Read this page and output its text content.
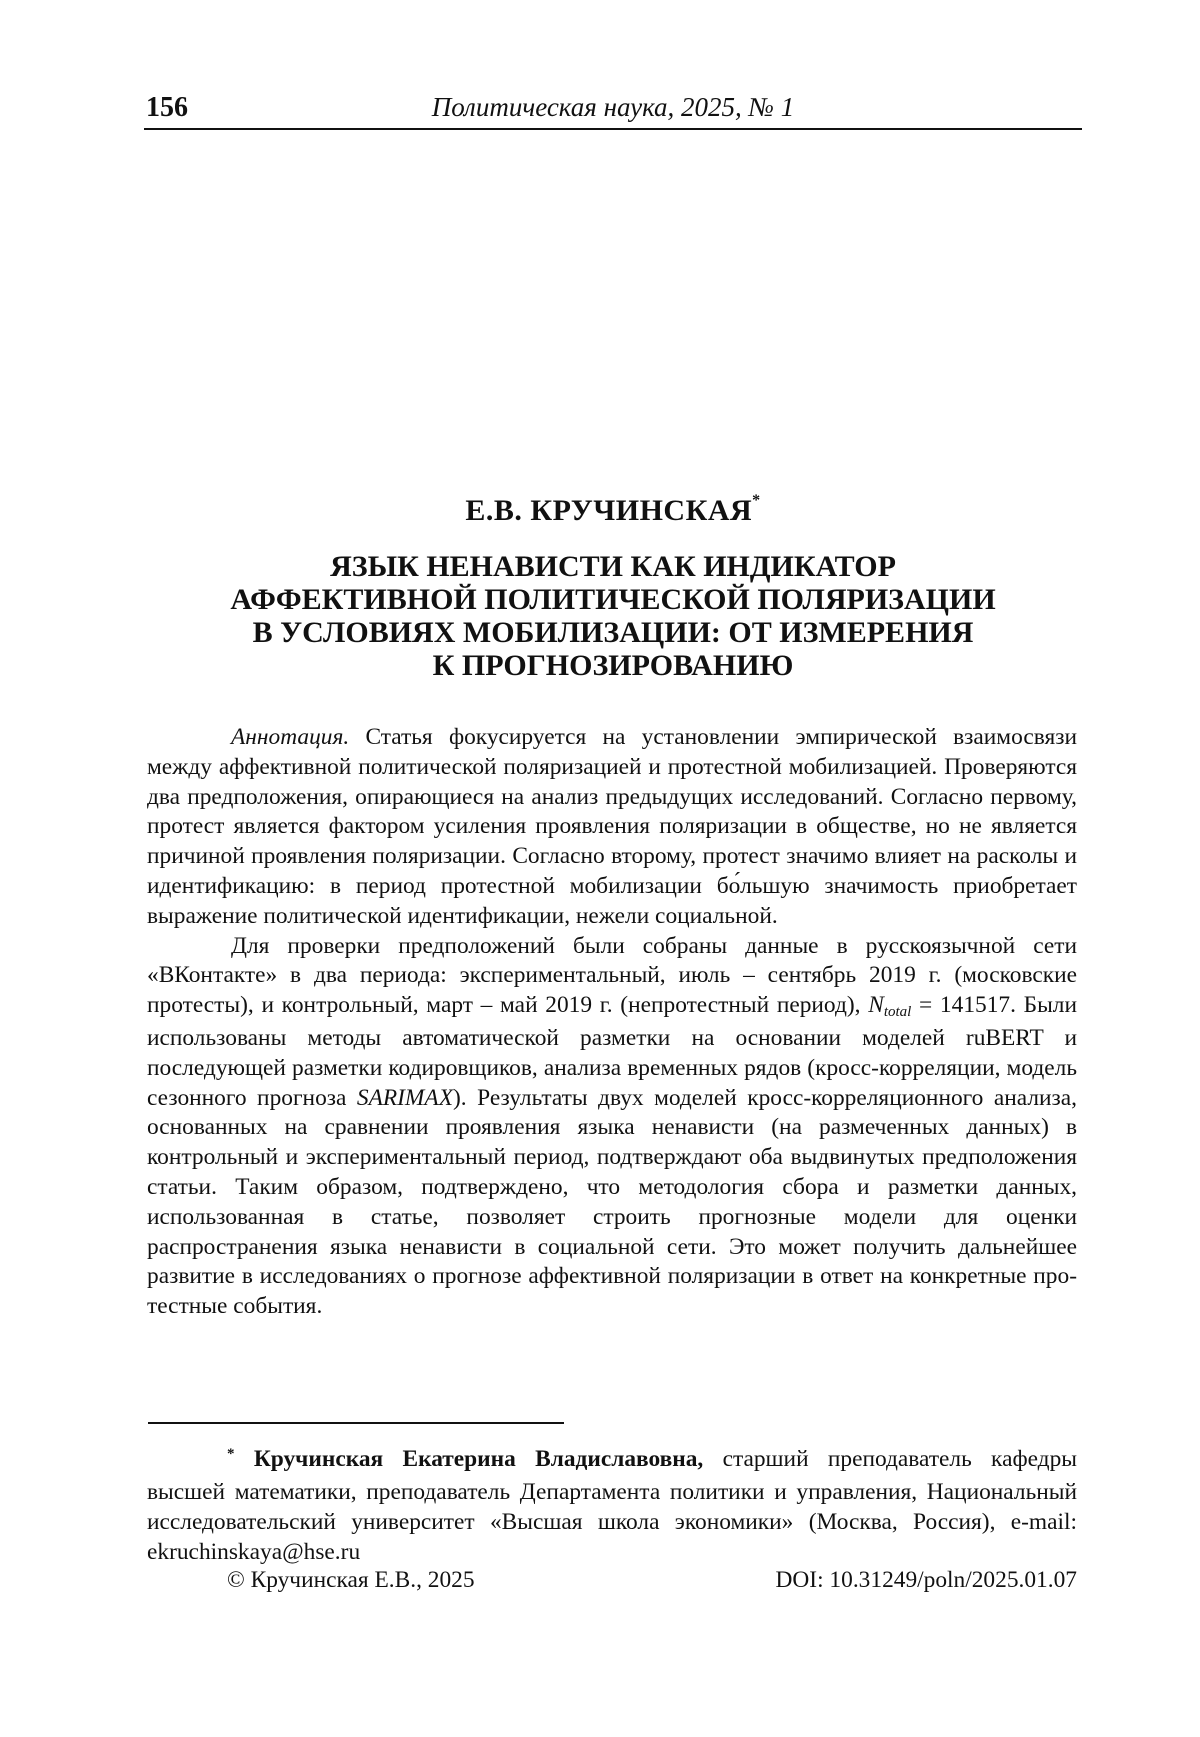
156	Политическая наука, 2025, № 1
Е.В. КРУЧИНСКАЯ*
ЯЗЫК НЕНАВИСТИ КАК ИНДИКАТОР
АФФЕКТИВНОЙ ПОЛИТИЧЕСКОЙ ПОЛЯРИЗАЦИИ
В УСЛОВИЯХ МОБИЛИЗАЦИИ: ОТ ИЗМЕРЕНИЯ
К ПРОГНОЗИРОВАНИЮ

Аннотация. Статья фокусируется на установлении эмпирической взаимосвязи между аффективной политической поляризацией и протестной мобилизацией. Проверяются два предположения, опирающиеся на анализ предыдущих исследований. Согласно первому, протест является фактором усиления проявления поляризации в обществе, но не является причиной проявления поляризации. Согласно второму, протест значимо влияет на расколы и идентификацию: в период протестной мобилизации бо́льшую значимость приобретает выражение политической идентификации, нежели социальной.

Для проверки предположений были собраны данные в русскоязычной сети «ВКонтакте» в два периода: экспериментальный, июль – сентябрь 2019 г. (московские протесты), и контрольный, март – май 2019 г. (непротестный период), Ntotal = 141517. Были использованы методы автоматической разметки на основании моделей ruBERT и последующей разметки кодировщиков, анализа временных рядов (кросс-корреляции, модель сезонного прогноза SARIMAX). Результаты двух моделей кросс-корреляционного анализа, основанных на сравнении проявления языка ненависти (на размеченных данных) в контрольный и экспериментальный период, подтверждают оба выдвинутых предположения статьи. Таким образом, подтверждено, что методология сбора и разметки данных, использованная в статье, позволяет строить прогнозные модели для оценки распространения языка ненависти в социальной сети. Это может получить дальнейшее развитие в исследованиях о прогнозе аффективной поляризации в ответ на конкретные протестные события.

* Кручинская Екатерина Владиславовна, старший преподаватель кафедры высшей математики, преподаватель Департамента политики и управления, Национальный исследовательский университет «Высшая школа экономики» (Москва, Россия), e-mail: ekruchinskaya@hse.ru

© Кручинская Е.В., 2025	DOI: 10.31249/poln/2025.01.07
